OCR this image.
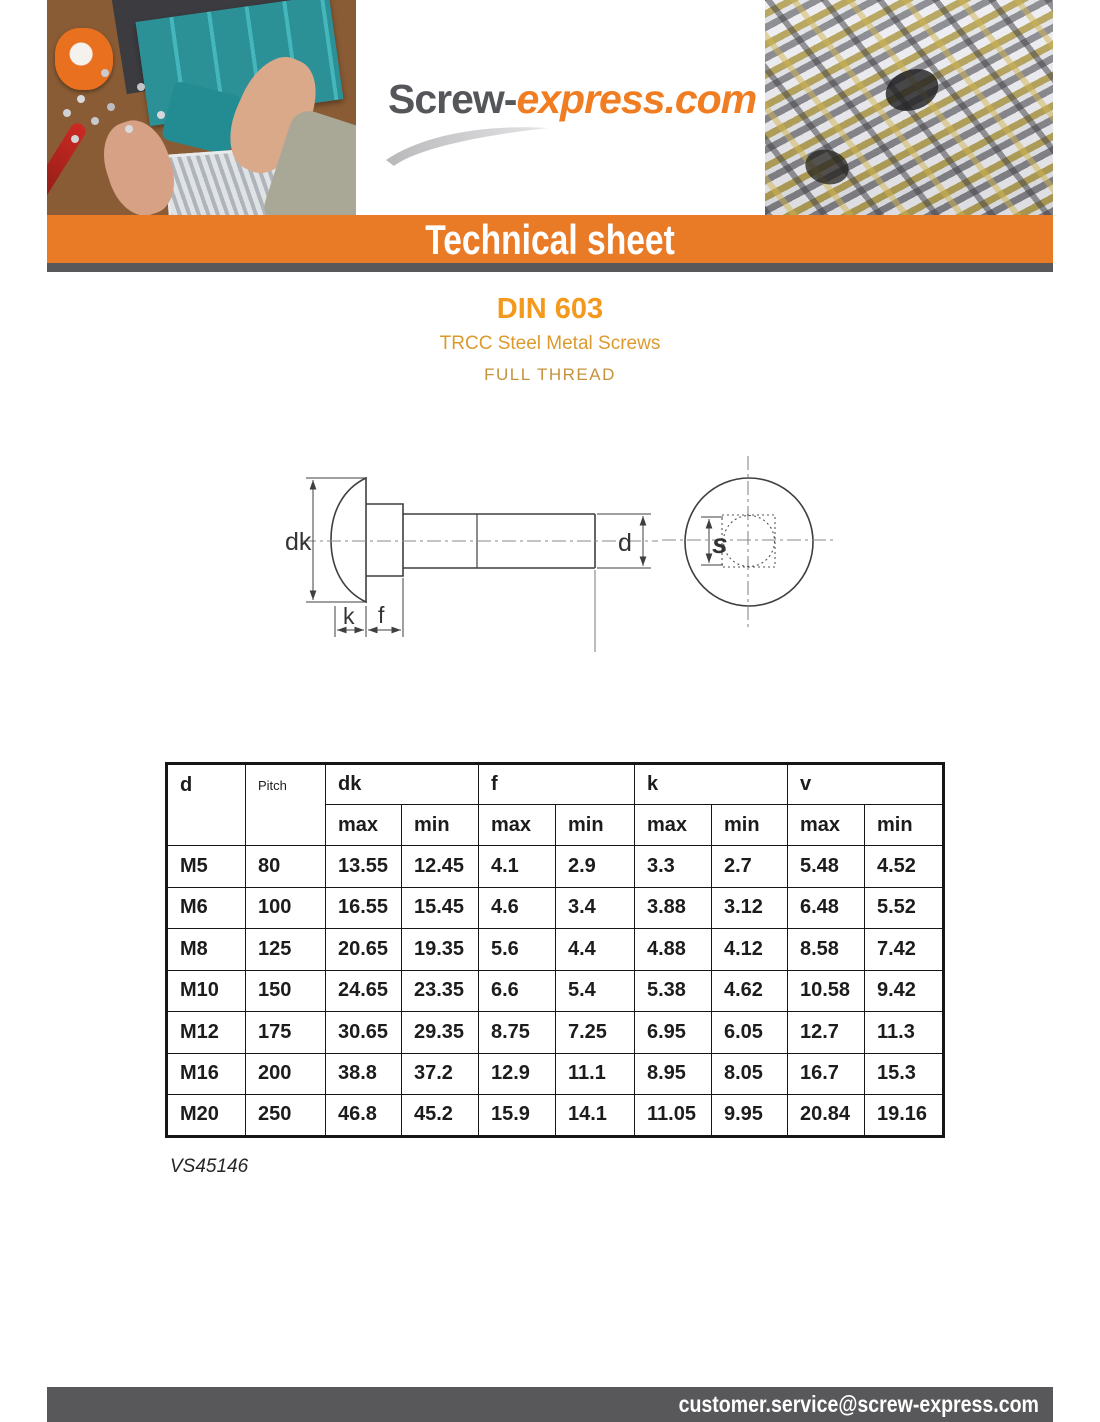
Screw-express.com
Technical sheet
DIN 603
TRCC Steel Metal Screws
FULL THREAD
dk	d
k f
s
d	Pitch	dk		f		k		v	
		max	min	max	min	max	min	max	min
M5	80	13.55	12.45	4.1	2.9	3.3	2.7	5.48	4.52
M6	100	16.55	15.45	4.6	3.4	3.88	3.12	6.48	5.52
M8	125	20.65	19.35	5.6	4.4	4.88	4.12	8.58	7.42
M10	150	24.65	23.35	6.6	5.4	5.38	4.62	10.58	9.42
M12	175	30.65	29.35	8.75	7.25	6.95	6.05	12.7	11.3
M16	200	38.8	37.2	12.9	11.1	8.95	8.05	16.7	15.3
M20	250	46.8	45.2	15.9	14.1	11.05	9.95	20.84	19.16
VS45146
customer.service@screw-express.com
